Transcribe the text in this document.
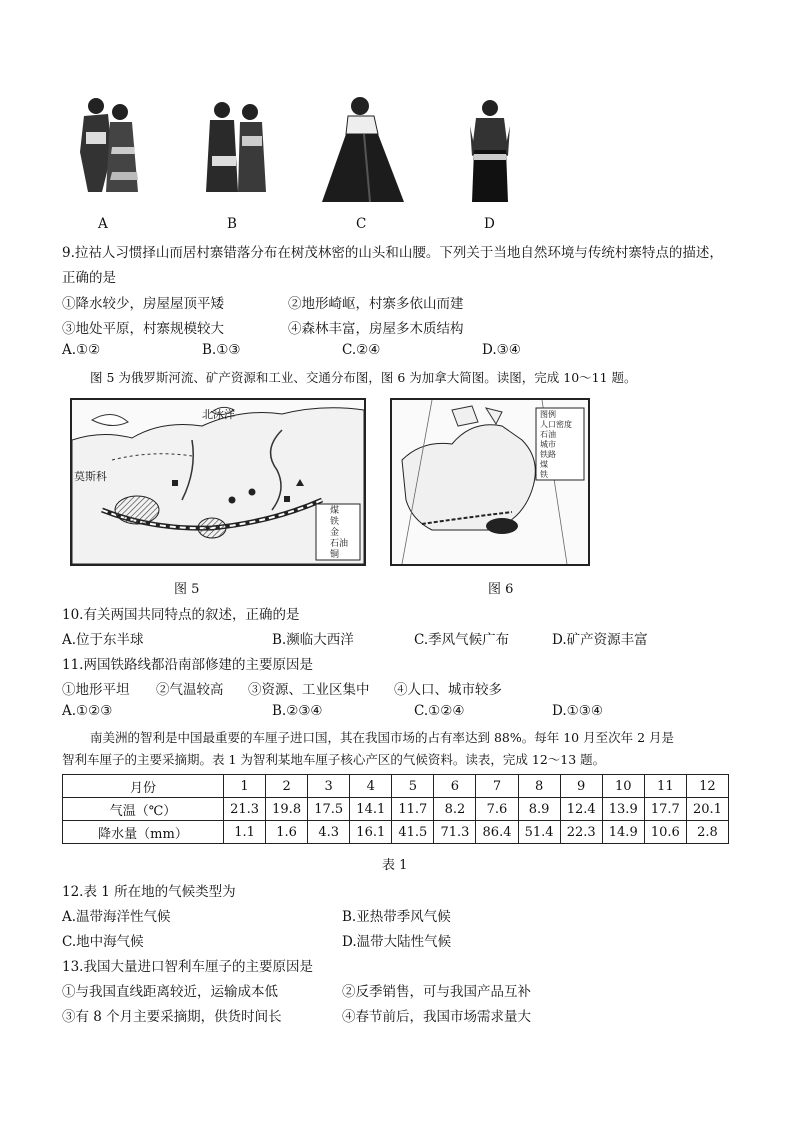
A	B	C	D
9.拉祜人习惯择山而居村寨错落分布在树茂林密的山头和山腰。下列关于当地自然环境与传统村寨特点的描述，
正确的是
①降水较少，房屋屋顶平矮	②地形崎岖，村寨多依山而建
③地处平原，村寨规模较大	④森林丰富，房屋多木质结构
A.①②	B.①③	C.②④	D.③④
图 5 为俄罗斯河流、矿产资源和工业、交通分布图，图 6 为加拿大简图。读图，完成 10～11 题。
北冰洋
莫斯科
煤
铁
金
石油
铜
图 5
图例
人口密度
石油
城市
铁路
煤
铁
图 6
10.有关两国共同特点的叙述，正确的是
A.位于东半球	B.濒临大西洋	C.季风气候广布	D.矿产资源丰富
11.两国铁路线都沿南部修建的主要原因是
①地形平坦 ②气温较高 ③资源、工业区集中 ④人口、城市较多
A.①②③	B.②③④	C.①②④	D.①③④
南美洲的智利是中国最重要的车厘子进口国，其在我国市场的占有率达到 88%。每年 10 月至次年 2 月是
智利车厘子的主要采摘期。表 1 为智利某地车厘子核心产区的气候资料。读表，完成 12～13 题。
月份	1	2	3	4	5	6	7	8	9	10	11	12
气温（℃）	21.3	19.8	17.5	14.1	11.7	8.2	7.6	8.9	12.4	13.9	17.7	20.1
降水量（mm）	1.1	1.6	4.3	16.1	41.5	71.3	86.4	51.4	22.3	14.9	10.6	2.8
表 1
12.表 1 所在地的气候类型为
A.温带海洋性气候	B.亚热带季风气候
C.地中海气候	D.温带大陆性气候
13.我国大量进口智利车厘子的主要原因是
①与我国直线距离较近，运输成本低	②反季销售，可与我国产品互补
③有 8 个月主要采摘期，供货时间长	④春节前后，我国市场需求量大
